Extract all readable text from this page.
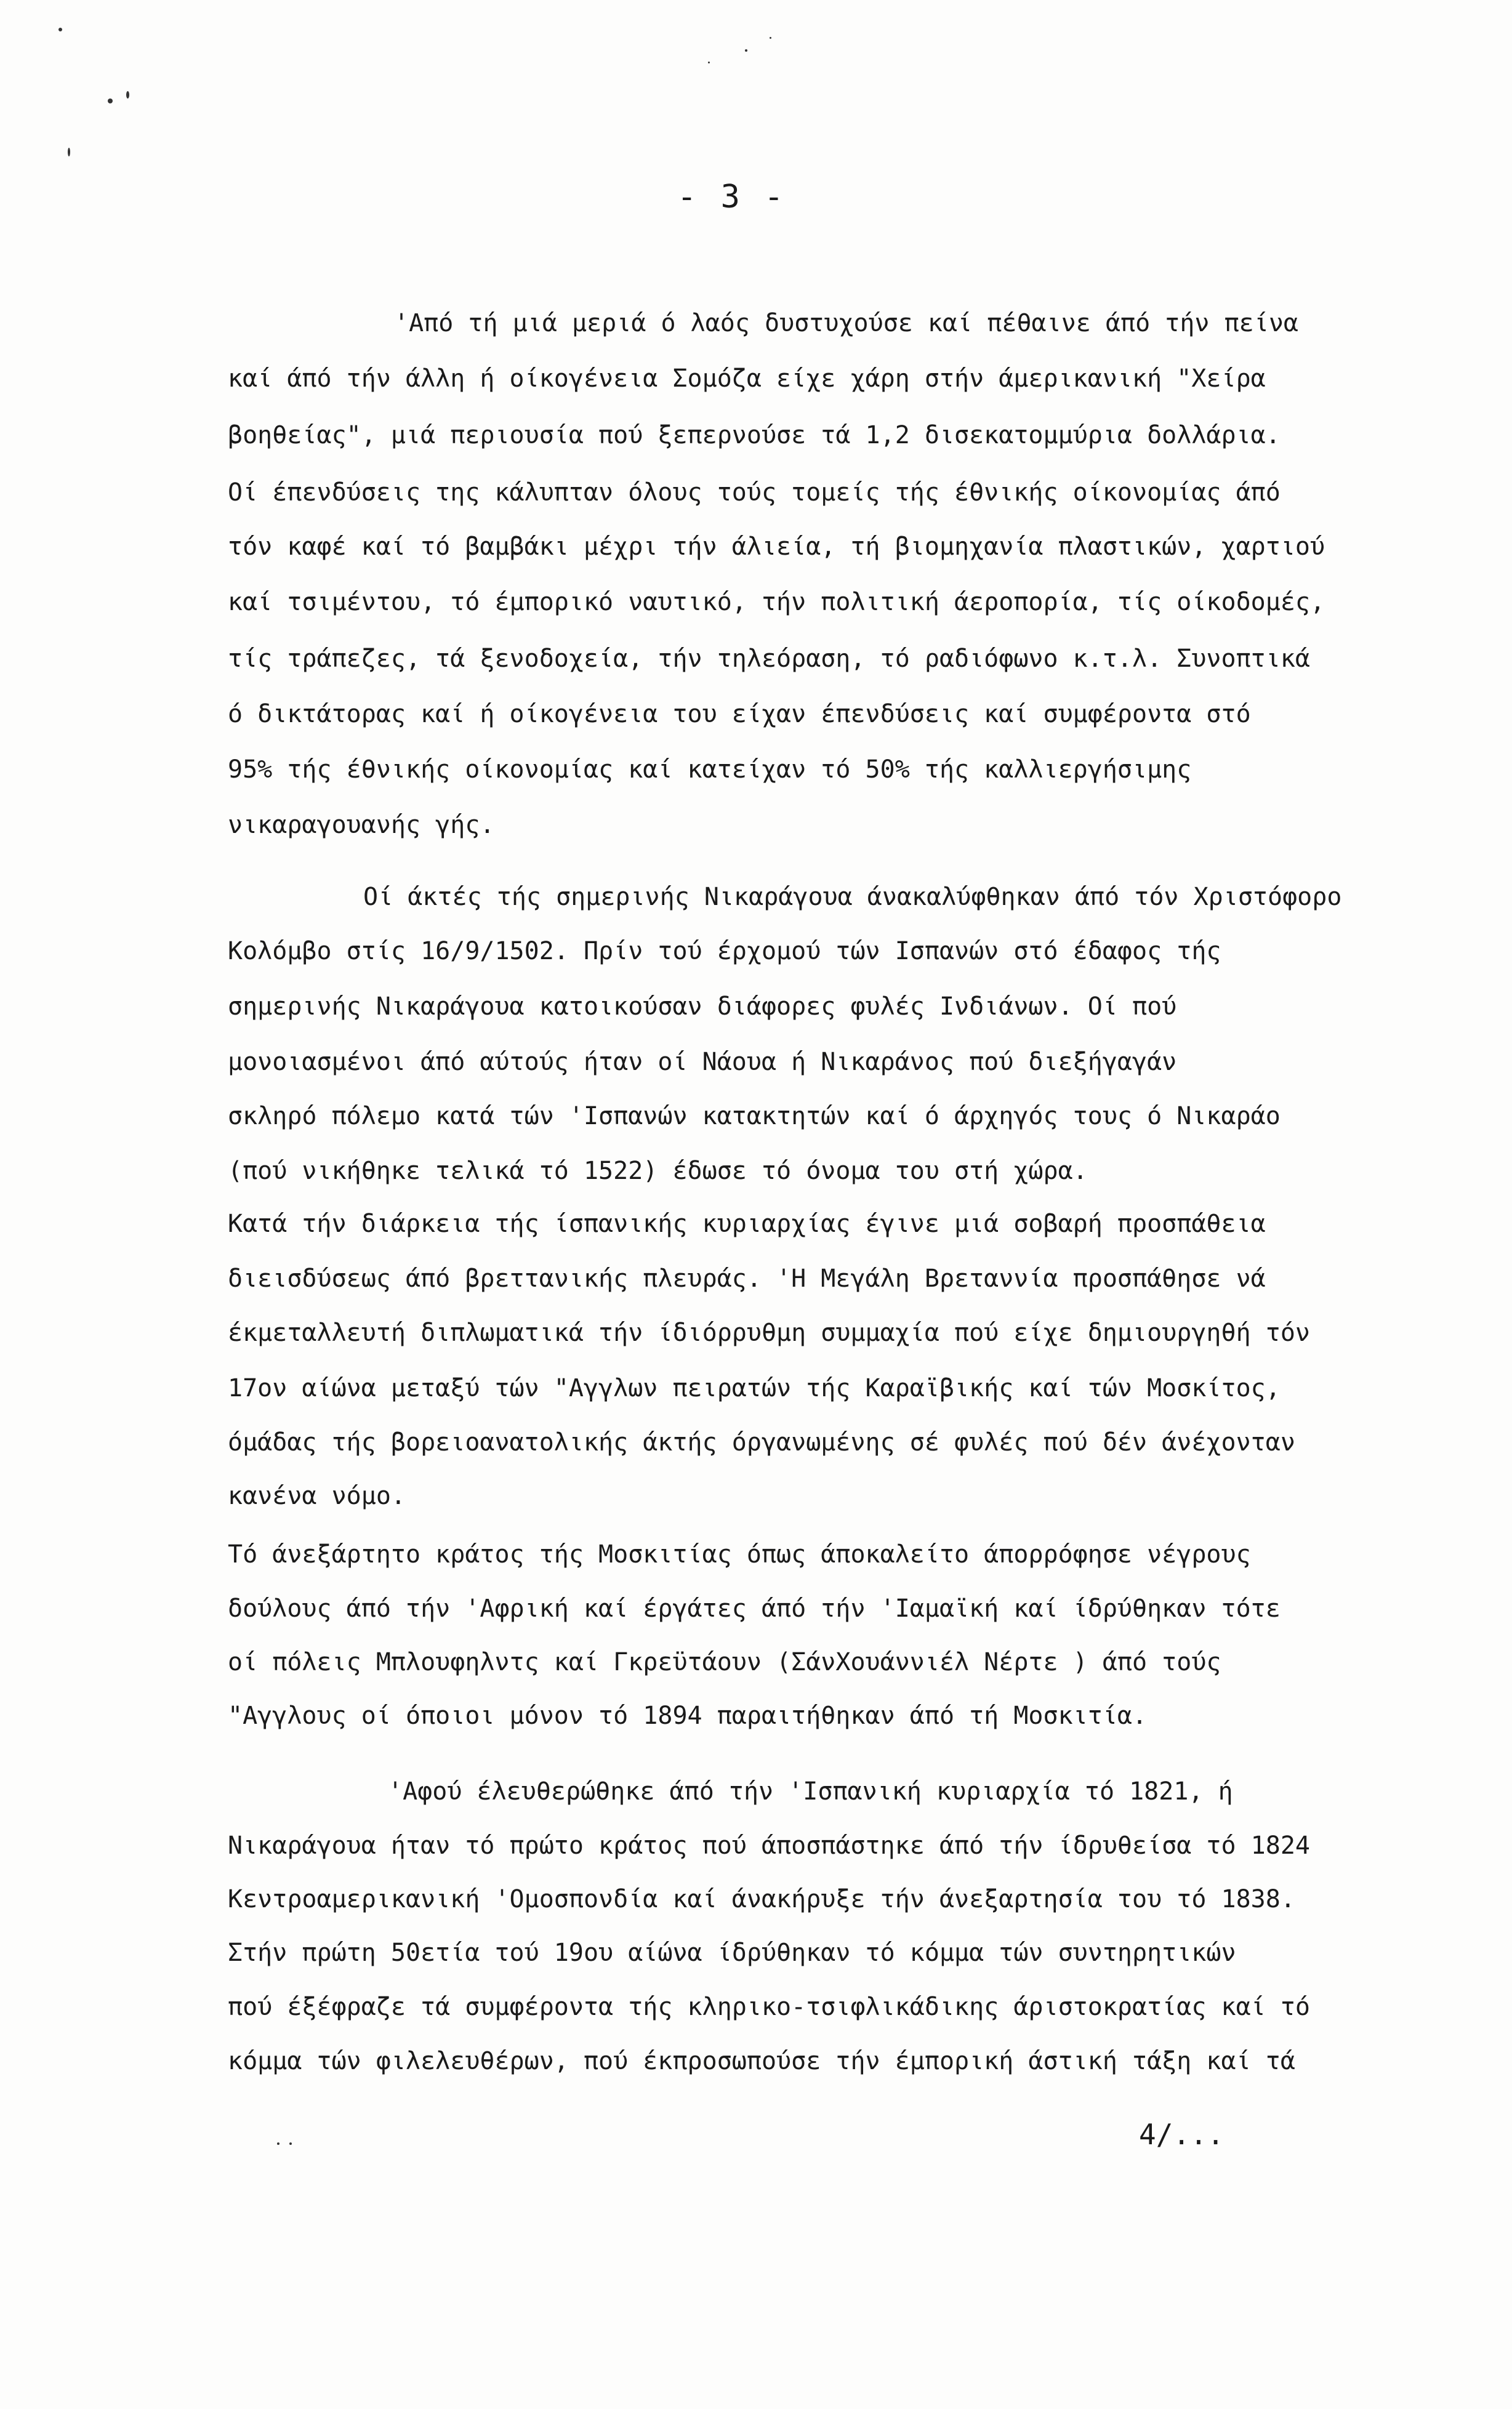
- 3 -
'Από τή μιά μεριά ό λαός δυστυχούσε καί πέθαινε άπό τήν πείνα
καί άπό τήν άλλη ή οίκογένεια Σομόζα είχε χάρη στήν άμερικανική "Χείρα
βοηθείας", μιά περιουσία πού ξεπερνούσε τά 1,2 δισεκατομμύρια δολλάρια.
Οί έπενδύσεις της κάλυπταν όλους τούς τομείς τής έθνικής οίκονομίας άπό
τόν καφέ καί τό βαμβάκι μέχρι τήν άλιεία, τή βιομηχανία πλαστικών, χαρτιού
καί τσιμέντου, τό έμπορικό ναυτικό, τήν πολιτική άεροπορία, τίς οίκοδομές,
τίς τράπεζες, τά ξενοδοχεία, τήν τηλεόραση, τό ραδιόφωνο κ.τ.λ. Συνοπτικά
ό δικτάτορας καί ή οίκογένεια του είχαν έπενδύσεις καί συμφέροντα στό
95% τής έθνικής οίκονομίας καί κατείχαν τό 50% τής καλλιεργήσιμης
νικαραγουανής γής.
Οί άκτές τής σημερινής Νικαράγουα άνακαλύφθηκαν άπό τόν Χριστόφορο
Κολόμβο στίς 16/9/1502. Πρίν τού έρχομού τών Ισπανών στό έδαφος τής
σημερινής Νικαράγουα κατοικούσαν διάφορες φυλές Ινδιάνων. Οί πού
μονοιασμένοι άπό αύτούς ήταν οί Νάουα ή Νικαράνος πού διεξήγαγάν
σκληρό πόλεμο κατά τών 'Ισπανών κατακτητών καί ό άρχηγός τους ό Νικαράο
(πού νικήθηκε τελικά τό 1522) έδωσε τό όνομα του στή χώρα.
Κατά τήν διάρκεια τής ίσπανικής κυριαρχίας έγινε μιά σοβαρή προσπάθεια
διεισδύσεως άπό βρεττανικής πλευράς. 'Η Μεγάλη Βρεταννία προσπάθησε νά
έκμεταλλευτή διπλωματικά τήν ίδιόρρυθμη συμμαχία πού είχε δημιουργηθή τόν
17ον αίώνα μεταξύ τών "Αγγλων πειρατών τής Καραϊβικής καί τών Μοσκίτος,
όμάδας τής βορειοανατολικής άκτής όργανωμένης σέ φυλές πού δέν άνέχονταν
κανένα νόμο.
Τό άνεξάρτητο κράτος τής Μοσκιτίας όπως άποκαλείτο άπορρόφησε νέγρους
δούλους άπό τήν 'Αφρική καί έργάτες άπό τήν 'Ιαμαϊκή καί ίδρύθηκαν τότε
οί πόλεις Μπλουφηλντς καί Γκρεϋτάουν (ΣάνΧουάννιέλ Νέρτε ) άπό τούς
"Αγγλους οί όποιοι μόνον τό 1894 παραιτήθηκαν άπό τή Μοσκιτία.
'Αφού έλευθερώθηκε άπό τήν 'Ισπανική κυριαρχία τό 1821, ή
Νικαράγουα ήταν τό πρώτο κράτος πού άποσπάστηκε άπό τήν ίδρυθείσα τό 1824
Κεντροαμερικανική 'Ομοσπονδία καί άνακήρυξε τήν άνεξαρτησία του τό 1838.
Στήν πρώτη 50ετία τού 19ου αίώνα ίδρύθηκαν τό κόμμα τών συντηρητικών
πού έξέφραζε τά συμφέροντα τής κληρικο-τσιφλικάδικης άριστοκρατίας καί τό
κόμμα τών φιλελευθέρων, πού έκπροσωπούσε τήν έμπορική άστική τάξη καί τά
4/...
